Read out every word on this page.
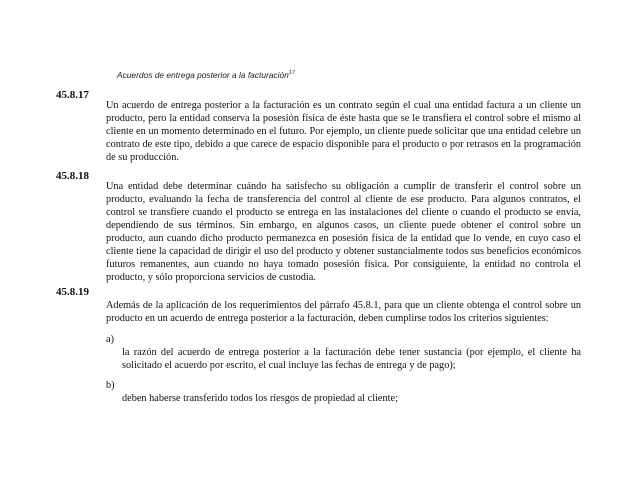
Acuerdos de entrega posterior a la facturación$^{17}$
45.8.17
Un acuerdo de entrega posterior a la facturación es un contrato según el cual una entidad factura a un cliente un producto, pero la entidad conserva la posesión física de éste hasta que se le transfiera el control sobre el mismo al cliente en un momento determinado en el futuro. Por ejemplo, un cliente puede solicitar que una entidad celebre un contrato de este tipo, debido a que carece de espacio disponible para el producto o por retrasos en la programación de su producción.
45.8.18
Una entidad debe determinar cuándo ha satisfecho su obligación a cumplir de transferir el control sobre un producto, evaluando la fecha de transferencia del control al cliente de ese producto. Para algunos contratos, el control se transfiere cuando el producto se entrega en las instalaciones del cliente o cuando el producto se envía, dependiendo de sus términos. Sin embargo, en algunos casos, un cliente puede obtener el control sobre un producto, aun cuando dicho producto permanezca en posesión física de la entidad que lo vende, en cuyo caso el cliente tiene la capacidad de dirigir el uso del producto y obtener sustancialmente todos sus beneficios económicos futuros remanentes, aun cuando no haya tomado posesión física. Por consiguiente, la entidad no controla el producto, y sólo proporciona servicios de custodia.
45.8.19
Además de la aplicación de los requerimientos del párrafo 45.8.1, para que un cliente obtenga el control sobre un producto en un acuerdo de entrega posterior a la facturación, deben cumplirse todos los criterios siguientes:
a)
la razón del acuerdo de entrega posterior a la facturación debe tener sustancia (por ejemplo, el cliente ha solicitado el acuerdo por escrito, el cual incluye las fechas de entrega y de pago);
b)
deben haberse transferido todos los riesgos de propiedad al cliente;
